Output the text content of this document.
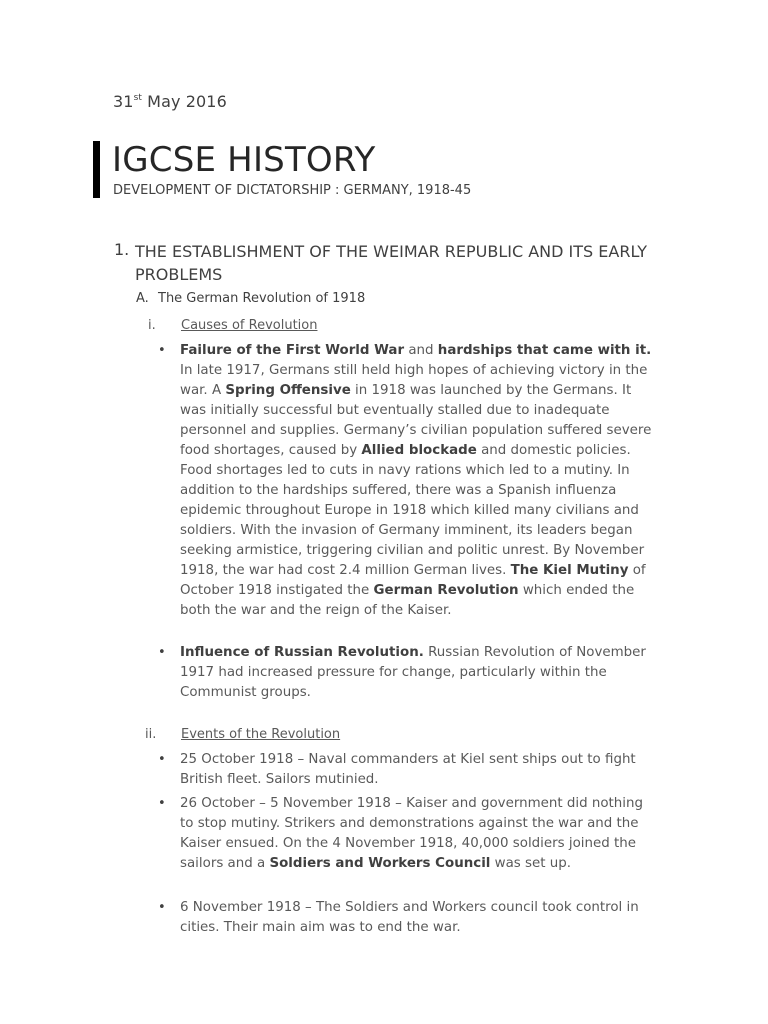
31st May 2016
IGCSE HISTORY
DEVELOPMENT OF DICTATORSHIP : GERMANY, 1918-45
1. THE ESTABLISHMENT OF THE WEIMAR REPUBLIC AND ITS EARLY PROBLEMS
A. The German Revolution of 1918
i. Causes of Revolution
• Failure of the First World War and hardships that came with it. In late 1917, Germans still held high hopes of achieving victory in the war. A Spring Offensive in 1918 was launched by the Germans. It was initially successful but eventually stalled due to inadequate personnel and supplies. Germany’s civilian population suffered severe food shortages, caused by Allied blockade and domestic policies. Food shortages led to cuts in navy rations which led to a mutiny. In addition to the hardships suffered, there was a Spanish influenza epidemic throughout Europe in 1918 which killed many civilians and soldiers. With the invasion of Germany imminent, its leaders began seeking armistice, triggering civilian and politic unrest. By November 1918, the war had cost 2.4 million German lives. The Kiel Mutiny of October 1918 instigated the German Revolution which ended the both the war and the reign of the Kaiser.
• Influence of Russian Revolution. Russian Revolution of November 1917 had increased pressure for change, particularly within the Communist groups.
ii. Events of the Revolution
• 25 October 1918 – Naval commanders at Kiel sent ships out to fight British fleet. Sailors mutinied.
• 26 October – 5 November 1918 – Kaiser and government did nothing to stop mutiny. Strikers and demonstrations against the war and the Kaiser ensued. On the 4 November 1918, 40,000 soldiers joined the sailors and a Soldiers and Workers Council was set up.
• 6 November 1918 – The Soldiers and Workers council took control in cities. Their main aim was to end the war.
